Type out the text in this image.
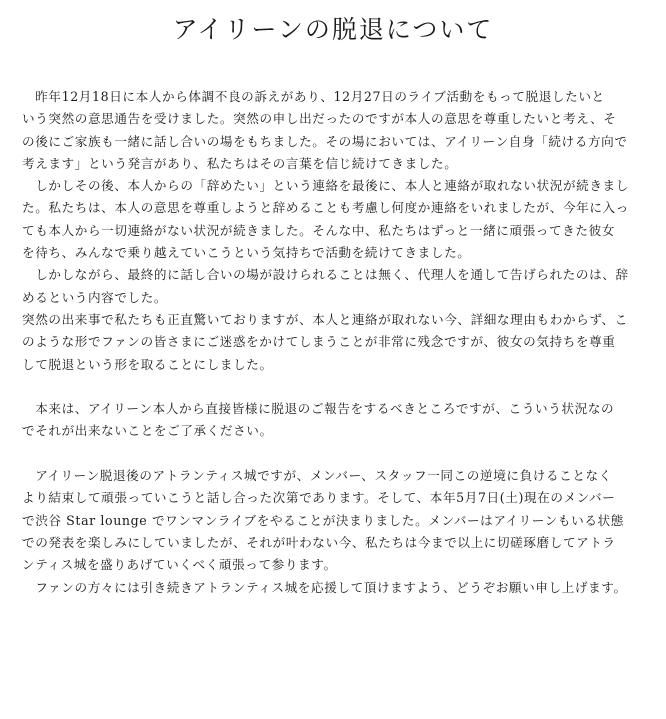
アイリーンの脱退について
　昨年12月18日に本人から体調不良の訴えがあり、12月27日のライブ活動をもって脱退したいと
いう突然の意思通告を受けました。突然の申し出だったのですが本人の意思を尊重したいと考え、そ
の後にご家族も一緒に話し合いの場をもちました。その場においては、アイリーン自身「続ける方向で
考えます」という発言があり、私たちはその言葉を信じ続けてきました。
　しかしその後、本人からの「辞めたい」という連絡を最後に、本人と連絡が取れない状況が続きまし
た。私たちは、本人の意思を尊重しようと辞めることも考慮し何度か連絡をいれましたが、今年に入っ
ても本人から一切連絡がない状況が続きました。そんな中、私たちはずっと一緒に頑張ってきた彼女
を待ち、みんなで乗り越えていこうという気持ちで活動を続けてきました。
　しかしながら、最終的に話し合いの場が設けられることは無く、代理人を通して告げられたのは、辞
めるという内容でした。
突然の出来事で私たちも正直驚いておりますが、本人と連絡が取れない今、詳細な理由もわからず、こ
のような形でファンの皆さまにご迷惑をかけてしまうことが非常に残念ですが、彼女の気持ちを尊重
して脱退という形を取ることにしました。
　本来は、アイリーン本人から直接皆様に脱退のご報告をするべきところですが、こういう状況なの
でそれが出来ないことをご了承ください。
　アイリーン脱退後のアトランティス城ですが、メンバー、スタッフ一同この逆境に負けることなく
より結束して頑張っていこうと話し合った次第であります。そして、本年5月7日(土)現在のメンバー
で渋谷 Star lounge でワンマンライブをやることが決まりました。メンバーはアイリーンもいる状態
での発表を楽しみにしていましたが、それが叶わない今、私たちは今まで以上に切磋琢磨してアトラ
ンティス城を盛りあげていくべく頑張って参ります。
　ファンの方々には引き続きアトランティス城を応援して頂けますよう、どうぞお願い申し上げます。
